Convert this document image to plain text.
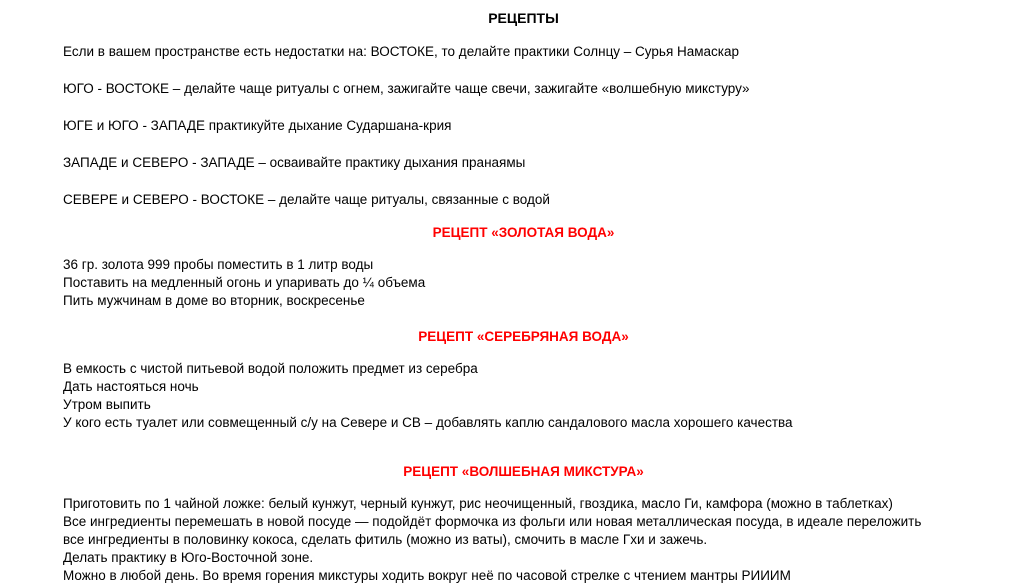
РЕЦЕПТЫ

Если в вашем пространстве есть недостатки на: ВОСТОКЕ, то делайте практики Солнцу – Сурья Намаскар

ЮГО - ВОСТОКЕ – делайте чаще ритуалы с огнем, зажигайте чаще свечи, зажигайте «волшебную микстуру»

ЮГЕ и ЮГО - ЗАПАДЕ практикуйте дыхание Сударшана-крия

ЗАПАДЕ и СЕВЕРО - ЗАПАДЕ – осваивайте практику дыхания пранаямы

СЕВЕРЕ и СЕВЕРО - ВОСТОКЕ – делайте чаще ритуалы, связанные с водой

РЕЦЕПТ «ЗОЛОТАЯ ВОДА»
36 гр. золота 999 пробы поместить в 1 литр воды
Поставить на медленный огонь и упаривать до ¼ объема
Пить мужчинам в доме во вторник, воскресенье
РЕЦЕПТ «СЕРЕБРЯНАЯ ВОДА»
В емкость с чистой питьевой водой положить предмет из серебра
Дать настояться ночь
Утром выпить
У кого есть туалет или совмещенный с/у на Севере и СВ – добавлять каплю сандалового масла хорошего качества
РЕЦЕПТ «ВОЛШЕБНАЯ МИКСТУРА»
Приготовить по 1 чайной ложке: белый кунжут, черный кунжут, рис неочищенный, гвоздика, масло Ги, камфора (можно в таблетках)
Все ингредиенты перемешать в новой посуде — подойдёт формочка из фольги или новая металлическая посуда, в идеале переложить
все ингредиенты в половинку кокоса, сделать фитиль (можно из ваты), смочить в масле Гхи и зажечь.
Делать практику в Юго-Восточной зоне.
Можно в любой день. Во время горения микстуры ходить вокруг неё по часовой стрелке с чтением мантры РИИИМ
